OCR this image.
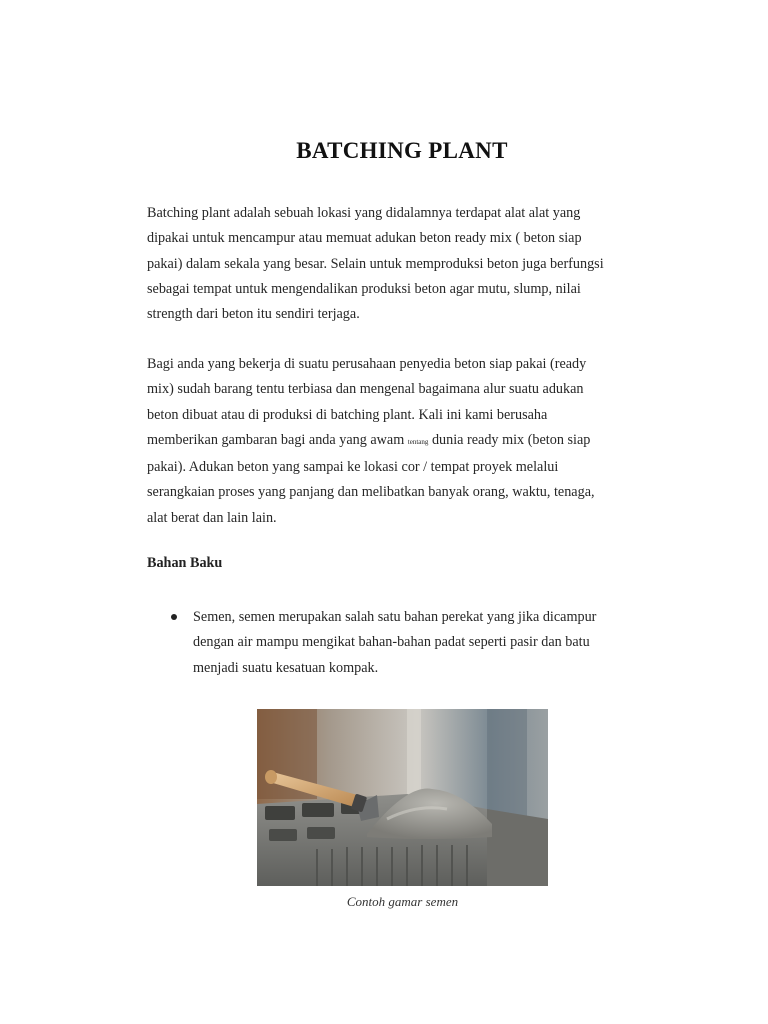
BATCHING PLANT

Batching plant adalah sebuah lokasi yang didalamnya terdapat alat alat yang
dipakai untuk mencampur atau memuat adukan beton ready mix ( beton siap
pakai) dalam sekala yang besar. Selain untuk memproduksi beton juga berfungsi
sebagai tempat untuk mengendalikan produksi beton agar mutu, slump, nilai
strength dari beton itu sendiri terjaga.

Bagi anda yang bekerja di suatu perusahaan penyedia beton siap pakai (ready
mix) sudah barang tentu terbiasa dan mengenal bagaimana alur suatu adukan
beton dibuat atau di produksi di batching plant. Kali ini kami berusaha
memberikan gambaran bagi anda yang awam tentang dunia ready mix (beton siap
pakai). Adukan beton yang sampai ke lokasi cor / tempat proyek melalui
serangkaian proses yang panjang dan melibatkan banyak orang, waktu, tenaga,
alat berat dan lain lain.

Bahan Baku
Semen, semen merupakan salah satu bahan perekat yang jika dicampur
dengan air mampu mengikat bahan-bahan padat seperti pasir dan batu
menjadi suatu kesatuan kompak.
Contoh gamar semen
